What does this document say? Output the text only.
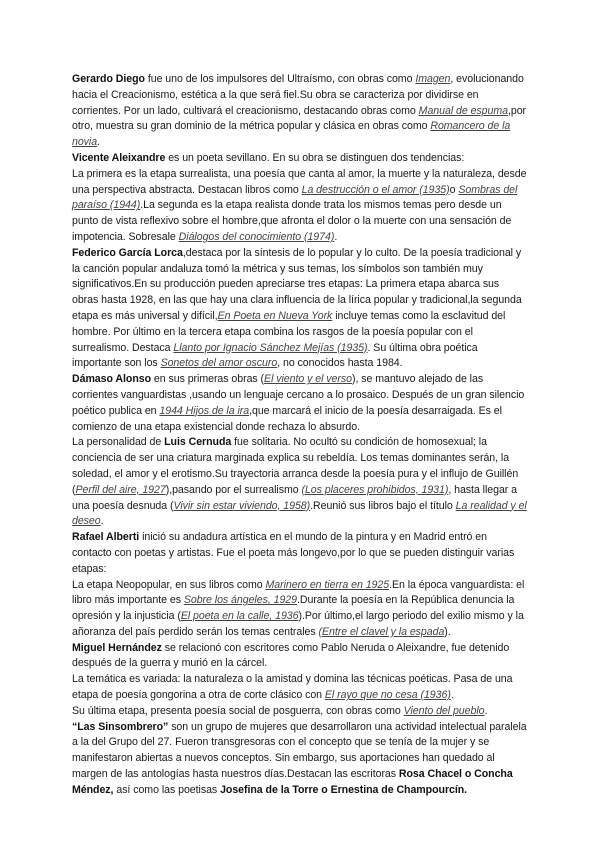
Gerardo Diego fue uno de los impulsores del Ultraísmo, con obras como Imagen, evolucionando hacia el Creacionismo, estética a la que será fiel.Su obra se caracteriza por dividirse en corrientes. Por un lado, cultivará el creacionismo, destacando obras como Manual de espuma,por otro, muestra su gran dominio de la métrica popular y clásica en obras como Romancero de la novia.

Vicente Aleixandre es un poeta sevillano. En su obra se distinguen dos tendencias:

La primera es la etapa surrealista, una poesía que canta al amor, la muerte y la naturaleza, desde una perspectiva abstracta. Destacan libros como La destrucción o el amor (1935)o Sombras del paraíso (1944).La segunda es la etapa realista donde trata los mismos temas pero desde un punto de vista reflexivo sobre el hombre,que afronta el dolor o la muerte con una sensación de impotencia. Sobresale Diálogos del conocimiento (1974).

Federico García Lorca,destaca por la síntesis de lo popular y lo culto. De la poesía tradicional y la canción popular andaluza tomó la métrica y sus temas, los símbolos son también muy significativos.En su producción pueden apreciarse tres etapas: La primera etapa abarca sus obras hasta 1928, en las que hay una clara influencia de la lírica popular y tradicional,la segunda etapa es más universal y difícil,En Poeta en Nueva York incluye temas como la esclavitud del hombre. Por último en la tercera etapa combina los rasgos de la poesía popular con el surrealismo. Destaca Llanto por Ignacio Sánchez Mejías (1935). Su última obra poética importante son los Sonetos del amor oscuro, no conocidos hasta 1984.

Dámaso Alonso en sus primeras obras (El viento y el verso), se mantuvo alejado de las corrientes vanguardistas ,usando un lenguaje cercano a lo prosaico. Después de un gran silencio poético publica en 1944 Hijos de la ira,que marcará el inicio de la poesía desarraigada. Es el comienzo de una etapa existencial donde rechaza lo absurdo.

La personalidad de Luis Cernuda fue solitaria. No ocultó su condición de homosexual; la conciencia de ser una criatura marginada explica su rebeldía. Los temas dominantes serán, la soledad, el amor y el erotismo.Su trayectoria arranca desde la poesía pura y el influjo de Guillén (Perfil del aire, 1927),pasando por el surrealismo (Los placeres prohibidos, 1931), hasta llegar a una poesía desnuda (Vivir sin estar viviendo, 1958).Reunió sus libros bajo el título La realidad y el deseo.

Rafael Alberti inició su andadura artística en el mundo de la pintura y en Madrid entró en contacto con poetas y artistas. Fue el poeta más longevo,por lo que se pueden distinguir varias etapas:

La etapa Neopopular, en sus libros como Marinero en tierra en 1925.En la época vanguardista: el libro más importante es Sobre los ángeles, 1929.Durante la poesía en la República denuncia la opresión y la injusticia (El poeta en la calle, 1936).Por último,el largo periodo del exilio mismo y la añoranza del país perdido serán los temas centrales (Entre el clavel y la espada).

Miguel Hernández se relacionó con escritores como Pablo Neruda o Aleixandre, fue detenido después de la guerra y murió en la cárcel.

La temática es variada: la naturaleza o la amistad y domina las técnicas poéticas. Pasa de una etapa de poesía gongorina a otra de corte clásico con El rayo que no cesa (1936).

Su última etapa, presenta poesía social de posguerra, con obras como Viento del pueblo.

“Las Sinsombrero” son un grupo de mujeres que desarrollaron una actividad intelectual paralela a la del Grupo del 27. Fueron transgresoras con el concepto que se tenía de la mujer y se manifestaron abiertas a nuevos conceptos. Sin embargo, sus aportaciones han quedado al margen de las antologías hasta nuestros días.Destacan las escritoras Rosa Chacel o Concha Méndez, así como las poetisas Josefina de la Torre o Ernestina de Champourcín.
